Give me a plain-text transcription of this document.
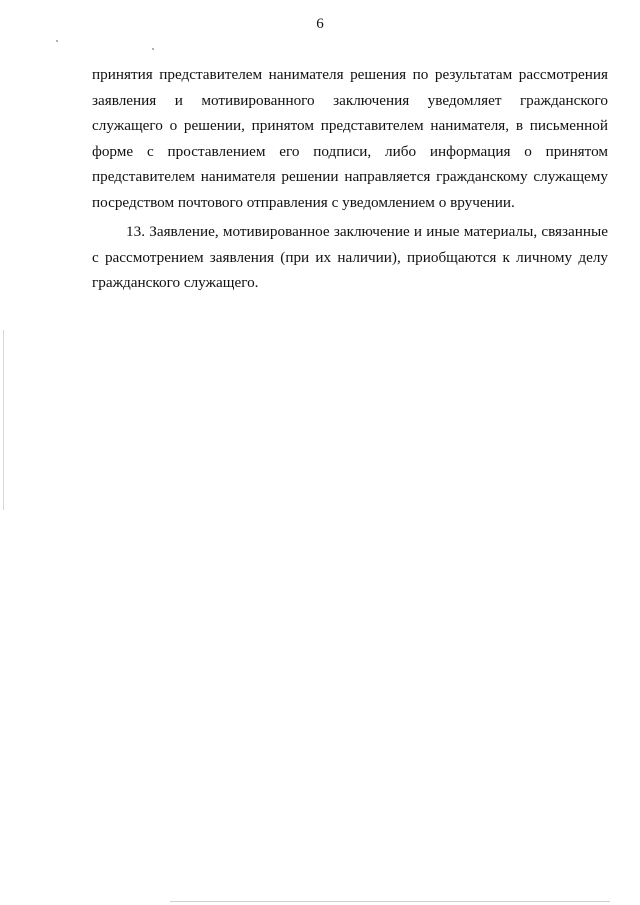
6

принятия представителем нанимателя решения по результатам рассмотрения заявления и мотивированного заключения уведомляет гражданского служащего о решении, принятом представителем нанимателя, в письменной форме с проставлением его подписи, либо информация о принятом представителем нанимателя решении направляется гражданскому служащему посредством почтового отправления с уведомлением о вручении.

13. Заявление, мотивированное заключение и иные материалы, связанные с рассмотрением заявления (при их наличии), приобщаются к личному делу гражданского служащего.
